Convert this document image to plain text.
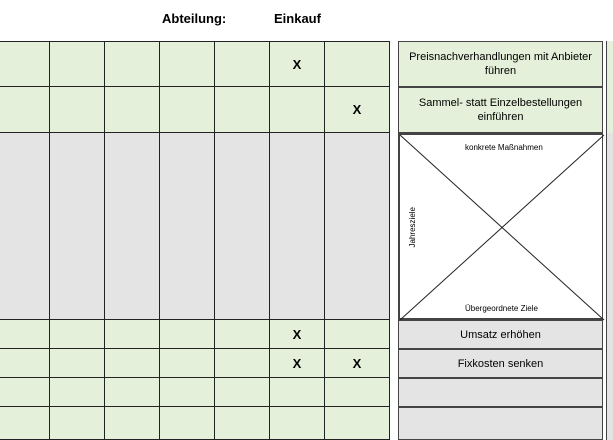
Abteilung:	Einkauf
X
X
X
X	X
Preisnachverhandlungen mit Anbieter führen
Sammel- statt Einzelbestellungen einführen
konkrete Maßnahmen
Übergeordnete Ziele
Jahresziele
Umsatz erhöhen
Fixkosten senken
